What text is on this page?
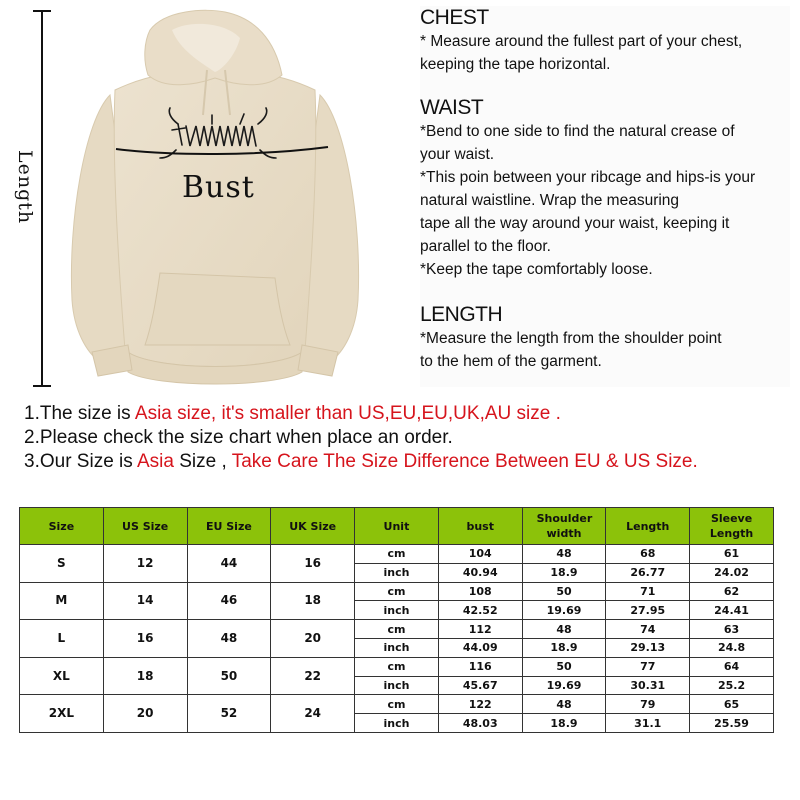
Length	Bust
CHEST

* Measure around the fullest part of your chest,

keeping the tape horizontal.

WAIST

*Bend to one side to find the natural crease of

your waist.

*This poin between your ribcage and hips-is your

natural waistline. Wrap the measuring

tape all the way around your waist, keeping it

parallel to the floor.

*Keep the tape comfortably loose.

LENGTH

*Measure the length from the shoulder point

to the hem of the garment.

1.The size is Asia size, it's smaller than US,EU,EU,UK,AU size .
2.Please check the size chart when place an order.
3.Our Size is Asia Size , Take Care The Size Difference Between EU & US Size.
Size	US Size	EU Size	UK Size	Unit	bust	Shoulder width	Length	Sleeve Length
S	12	44	16	cm	104	48	68	61
				inch	40.94	18.9	26.77	24.02
M	14	46	18	cm	108	50	71	62
				inch	42.52	19.69	27.95	24.41
L	16	48	20	cm	112	48	74	63
				inch	44.09	18.9	29.13	24.8
XL	18	50	22	cm	116	50	77	64
				inch	45.67	19.69	30.31	25.2
2XL	20	52	24	cm	122	48	79	65
				inch	48.03	18.9	31.1	25.59
